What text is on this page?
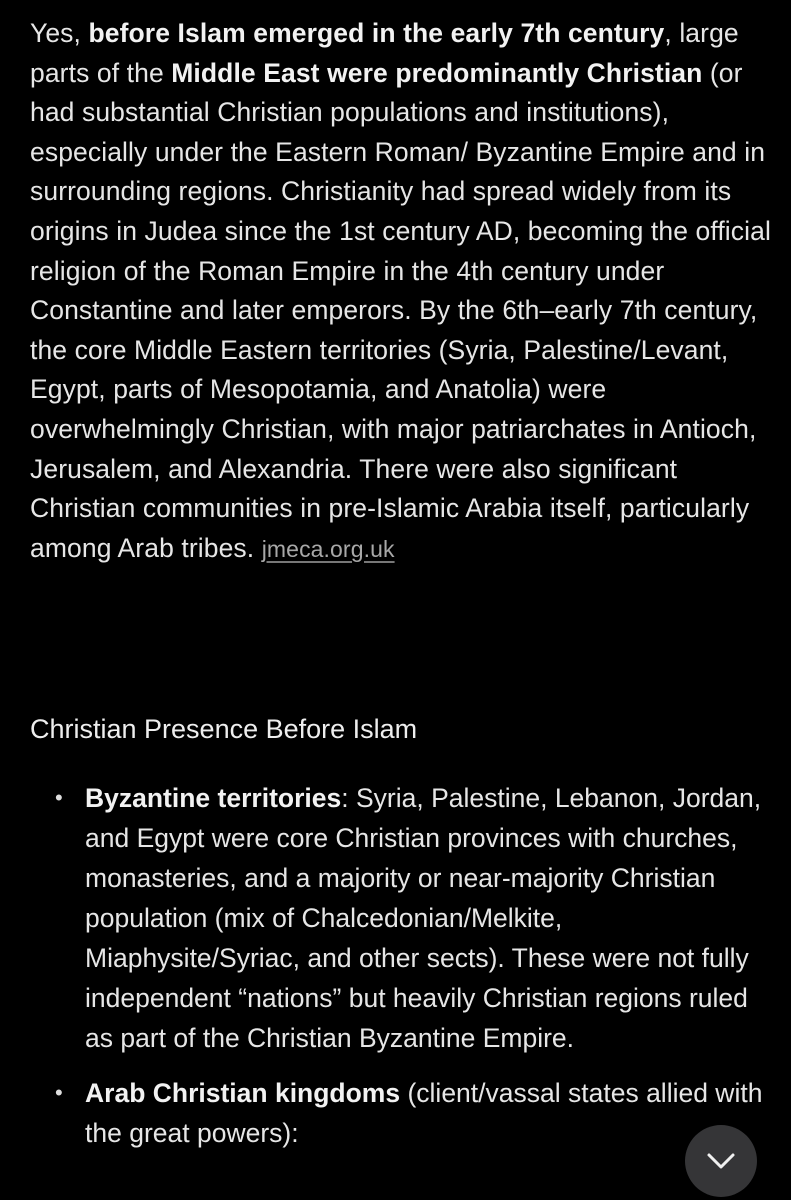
Yes, before Islam emerged in the early 7th century, large parts of the Middle East were predominantly Christian (or had substantial Christian populations and institutions), especially under the Eastern Roman/ Byzantine Empire and in surrounding regions. Christianity had spread widely from its origins in Judea since the 1st century AD, becoming the official religion of the Roman Empire in the 4th century under Constantine and later emperors. By the 6th–early 7th century, the core Middle Eastern territories (Syria, Palestine/Levant, Egypt, parts of Mesopotamia, and Anatolia) were overwhelmingly Christian, with major patriarchates in Antioch, Jerusalem, and Alexandria. There were also significant Christian communities in pre-Islamic Arabia itself, particularly among Arab tribes. jmeca.org.uk

Christian Presence Before Islam
• Byzantine territories: Syria, Palestine, Lebanon, Jordan, and Egypt were core Christian provinces with churches, monasteries, and a majority or near-majority Christian population (mix of Chalcedonian/Melkite, Miaphysite/Syriac, and other sects). These were not fully independent “nations” but heavily Christian regions ruled as part of the Christian Byzantine Empire.
• Arab Christian kingdoms (client/vassal states allied with the great powers):
